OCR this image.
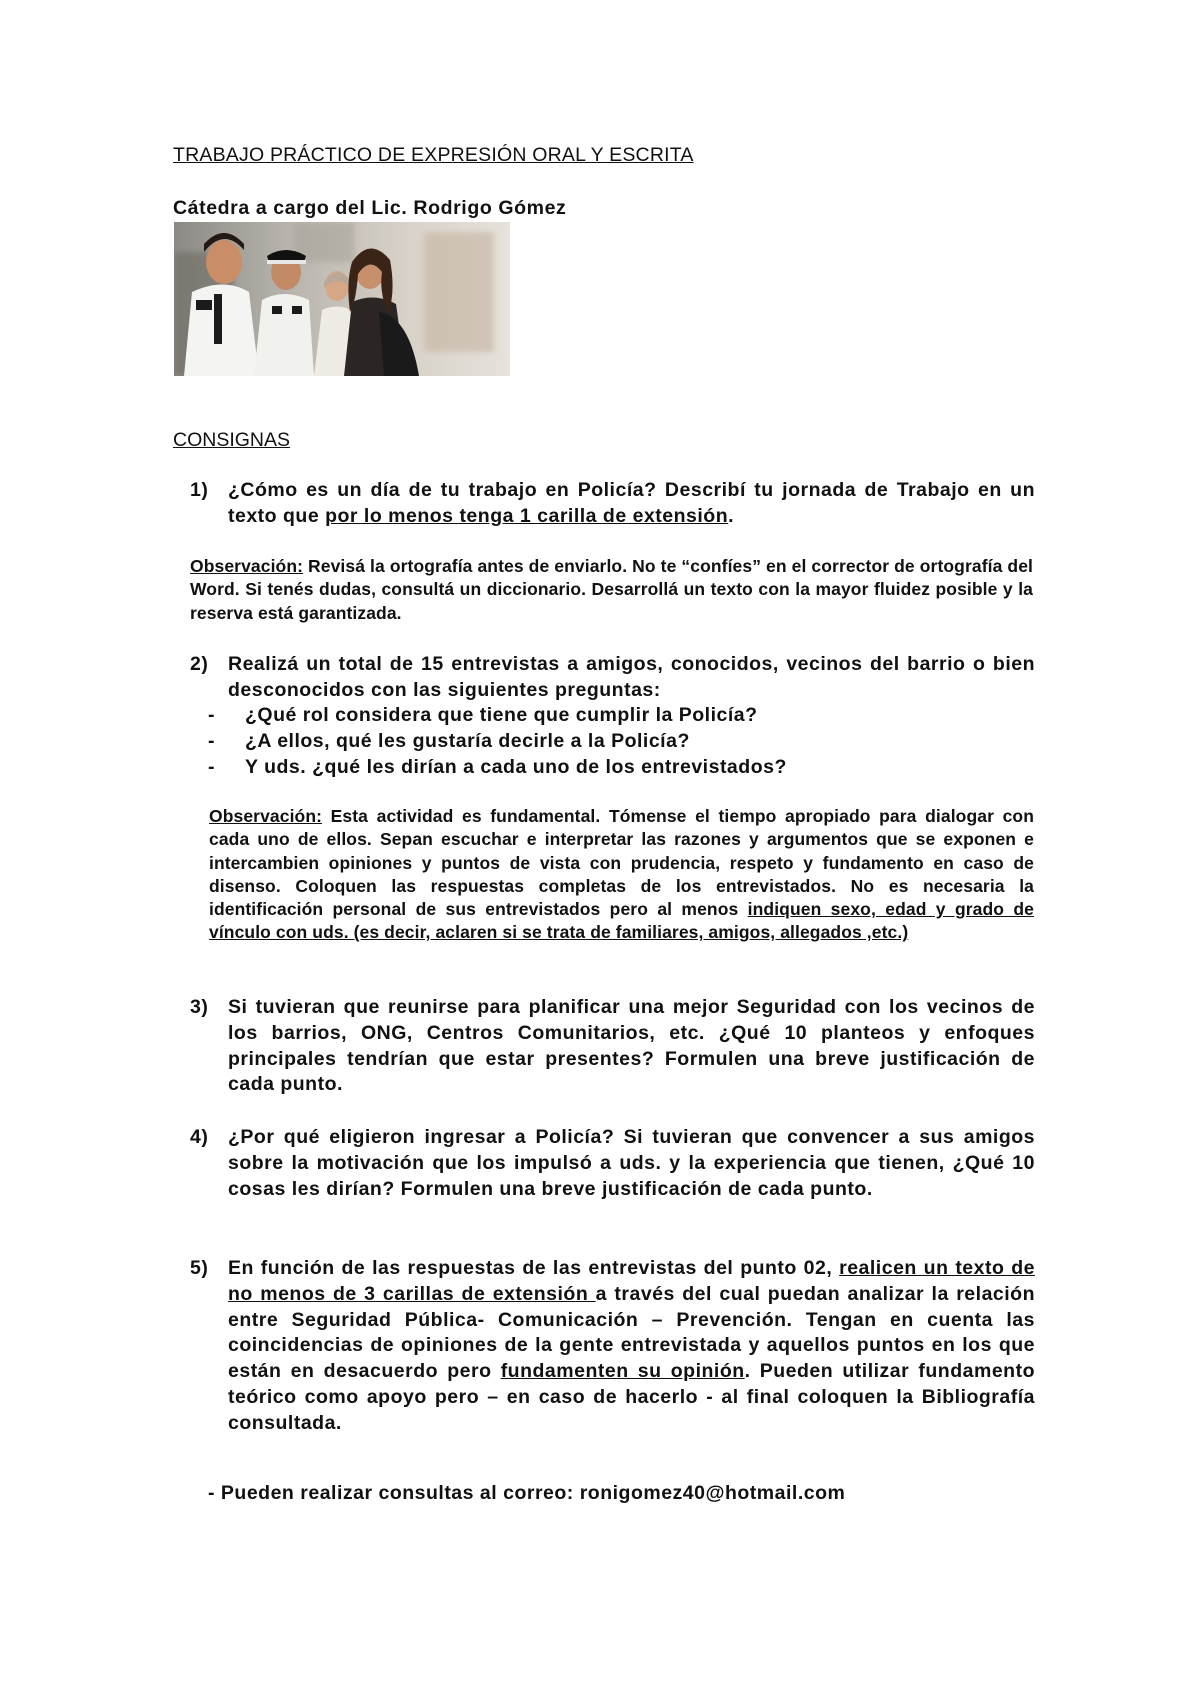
TRABAJO PRÁCTICO DE EXPRESIÓN ORAL Y ESCRITA
Cátedra a cargo del Lic. Rodrigo Gómez
CONSIGNAS
1) ¿Cómo es un día de tu trabajo en Policía? Describí tu jornada de Trabajo en un texto que por lo menos tenga 1 carilla de extensión.
Observación: Revisá la ortografía antes de enviarlo. No te “confíes” en el corrector de ortografía del Word. Si tenés dudas, consultá un diccionario. Desarrollá un texto con la mayor fluidez posible y la reserva está garantizada.
2) Realizá un total de 15 entrevistas a amigos, conocidos, vecinos del barrio o bien desconocidos con las siguientes preguntas:
- ¿Qué rol considera que tiene que cumplir la Policía?
- ¿A ellos, qué les gustaría decirle a la Policía?
- Y uds. ¿qué les dirían a cada uno de los entrevistados?
Observación: Esta actividad es fundamental. Tómense el tiempo apropiado para dialogar con cada uno de ellos. Sepan escuchar e interpretar las razones y argumentos que se exponen e intercambien opiniones y puntos de vista con prudencia, respeto y fundamento en caso de disenso. Coloquen las respuestas completas de los entrevistados. No es necesaria la identificación personal de sus entrevistados pero al menos indiquen sexo, edad y grado de vínculo con uds. (es decir, aclaren si se trata de familiares, amigos, allegados ,etc.)
3) Si tuvieran que reunirse para planificar una mejor Seguridad con los vecinos de los barrios, ONG, Centros Comunitarios, etc. ¿Qué 10 planteos y enfoques principales tendrían que estar presentes? Formulen una breve justificación de cada punto.
4) ¿Por qué eligieron ingresar a Policía? Si tuvieran que convencer a sus amigos sobre la motivación que los impulsó a uds. y la experiencia que tienen, ¿Qué 10 cosas les dirían? Formulen una breve justificación de cada punto.
5) En función de las respuestas de las entrevistas del punto 02, realicen un texto de no menos de 3 carillas de extensión a través del cual puedan analizar la relación entre Seguridad Pública- Comunicación – Prevención. Tengan en cuenta las coincidencias de opiniones de la gente entrevistada y aquellos puntos en los que están en desacuerdo pero fundamenten su opinión. Pueden utilizar fundamento teórico como apoyo pero – en caso de hacerlo - al final coloquen la Bibliografía consultada.
- Pueden realizar consultas al correo: ronigomez40@hotmail.com
